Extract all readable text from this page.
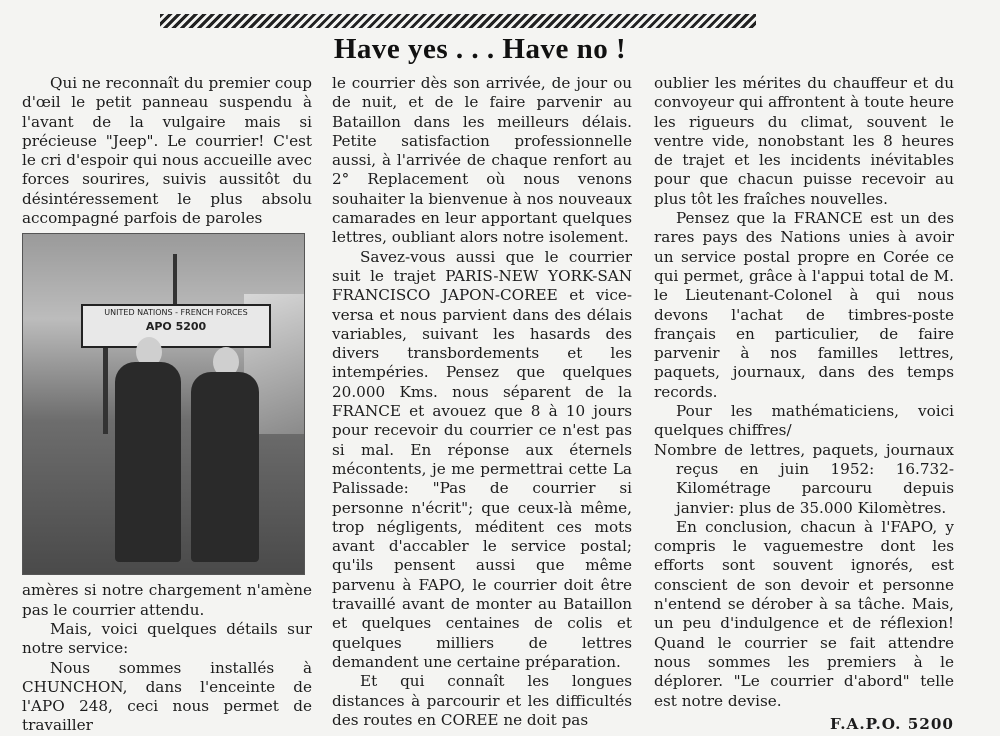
Have yes . . . Have no !

Qui ne reconnaît du premier coup d'œil le petit panneau suspendu à l'avant de la vulgaire mais si précieuse "Jeep". Le courrier! C'est le cri d'espoir qui nous accueille avec forces sourires, suivis aussitôt du désintéressement le plus absolu accompagné parfois de paroles

UNITED NATIONS - FRENCH FORCES
APO 5200

amères si notre chargement n'amène pas le courrier attendu.

Mais, voici quelques détails sur notre service:

Nous sommes installés à CHUNCHON, dans l'enceinte de l'APO 248, ceci nous permet de travailler

le courrier dès son arrivée, de jour ou de nuit, et de le faire parvenir au Bataillon dans les meilleurs délais. Petite satisfaction professionnelle aussi, à l'arrivée de chaque renfort au 2° Replacement où nous venons souhaiter la bienvenue à nos nouveaux camarades en leur apportant quelques lettres, oubliant alors notre isolement.

Savez-vous aussi que le courrier suit le trajet PARIS-NEW YORK-SAN FRANCISCO JAPON-COREE et vice-versa et nous parvient dans des délais variables, suivant les hasards des divers transbordements et les intempéries. Pensez que quelques 20.000 Kms. nous séparent de la FRANCE et avouez que 8 à 10 jours pour recevoir du courrier ce n'est pas si mal. En réponse aux éternels mécontents, je me permettrai cette La Palissade: "Pas de courrier si personne n'écrit"; que ceux-là même, trop négligents, méditent ces mots avant d'accabler le service postal; qu'ils pensent aussi que même parvenu à FAPO, le courrier doit être travaillé avant de monter au Bataillon et quelques centaines de colis et quelques milliers de lettres demandent une certaine préparation.

Et qui connaît les longues distances à parcourir et les difficultés des routes en COREE ne doit pas

oublier les mérites du chauffeur et du convoyeur qui affrontent à toute heure les rigueurs du climat, souvent le ventre vide, nonobstant les 8 heures de trajet et les incidents inévitables pour que chacun puisse recevoir au plus tôt les fraîches nouvelles.

Pensez que la FRANCE est un des rares pays des Nations unies à avoir un service postal propre en Corée ce qui permet, grâce à l'appui total de M. le Lieutenant-Colonel à qui nous devons l'achat de timbres-poste français en particulier, de faire parvenir à nos familles lettres, paquets, journaux, dans des temps records.

Pour les mathématiciens, voici quelques chiffres/

Nombre de lettres, paquets, journaux reçus en juin 1952: 16.732-Kilométrage parcouru depuis janvier: plus de 35.000 Kilomètres.

En conclusion, chacun à l'FAPO, y compris le vaguemestre dont les efforts sont souvent ignorés, est conscient de son devoir et personne n'entend se dérober à sa tâche. Mais, un peu d'indulgence et de réflexion! Quand le courrier se fait attendre nous sommes les premiers à le déplorer. "Le courrier d'abord" telle est notre devise.

F.A.P.O. 5200
